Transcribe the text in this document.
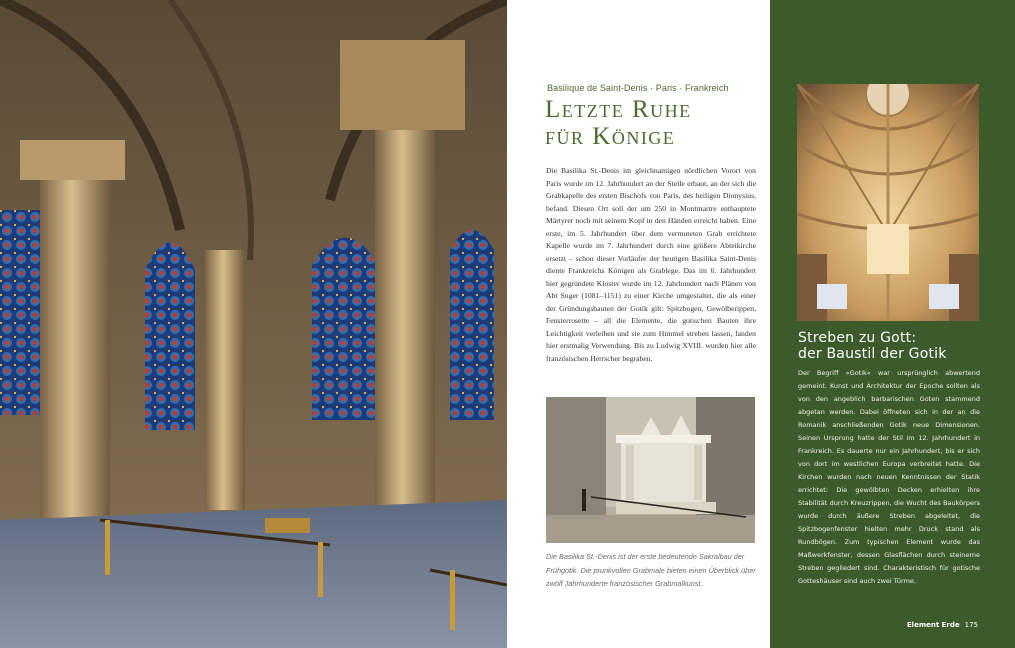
Basilique de Saint-Denis · Paris · Frankreich
Letzte Ruhe
für Könige
Die Basilika St.-Denis im gleichnamigen nördlichen Vorort von Paris wurde im 12. Jahrhundert an der Stelle erbaut, an der sich die Grabkapelle des ersten Bischofs von Paris, des heiligen Dionysius, befand. Diesen Ort soll der um 250 in Montmartre enthauptete Märtyrer noch mit seinem Kopf in den Händen erreicht haben. Eine erste, im 5. Jahrhundert über dem vermuteten Grab errichtete Kapelle wurde im 7. Jahrhundert durch eine größere Abteikirche ersetzt – schon dieser Vorläufer der heutigen Basilika Saint-Denis diente Frankreichs Königen als Grablege. Das im 6. Jahrhundert hier gegründete Kloster wurde im 12. Jahrhundert nach Plänen von Abt Suger (1081–1151) zu einer Kirche umgestaltet, die als einer der Gründungsbauten der Gotik gilt: Spitzbogen, Gewölberippen, Fensterrosette – all die Elemente, die gotischen Bauten ihre Leichtigkeit verleihen und sie zum Himmel streben lassen, fanden hier erstmalig Verwendung. Bis zu Ludwig XVIII. wurden hier alle französischen Herrscher begraben.
Die Basilika St.-Denis ist der erste bedeutende Sakralbau der Frühgotik. Die prunkvollen Grabmale bieten einen Überblick über zwölf Jahrhunderte französischer Grabmalkunst.
Streben zu Gott:
der Baustil der Gotik
Der Begriff »Gotik« war ursprünglich abwertend gemeint. Kunst und Architektur der Epoche sollten als von den angeblich barbarischen Goten stammend abgetan werden. Dabei öffneten sich in der an die Romanik anschließenden Gotik neue Dimensionen. Seinen Ursprung hatte der Stil im 12. Jahrhundert in Frankreich. Es dauerte nur ein Jahrhundert, bis er sich von dort im westlichen Europa verbreitet hatte. Die Kirchen wurden nach neuen Kenntnissen der Statik errichtet: Die gewölbten Decken erhielten ihre Stabilität durch Kreuzrippen, die Wucht des Baukörpers wurde durch äußere Streben abgeleitet, die Spitzbogenfenster hielten mehr Druck stand als Rundbögen. Zum typischen Element wurde das Maßwerkfenster, dessen Glasflächen durch steinerne Streben gegliedert sind. Charakteristisch für gotische Gotteshäuser sind auch zwei Türme.
Element Erde 175
